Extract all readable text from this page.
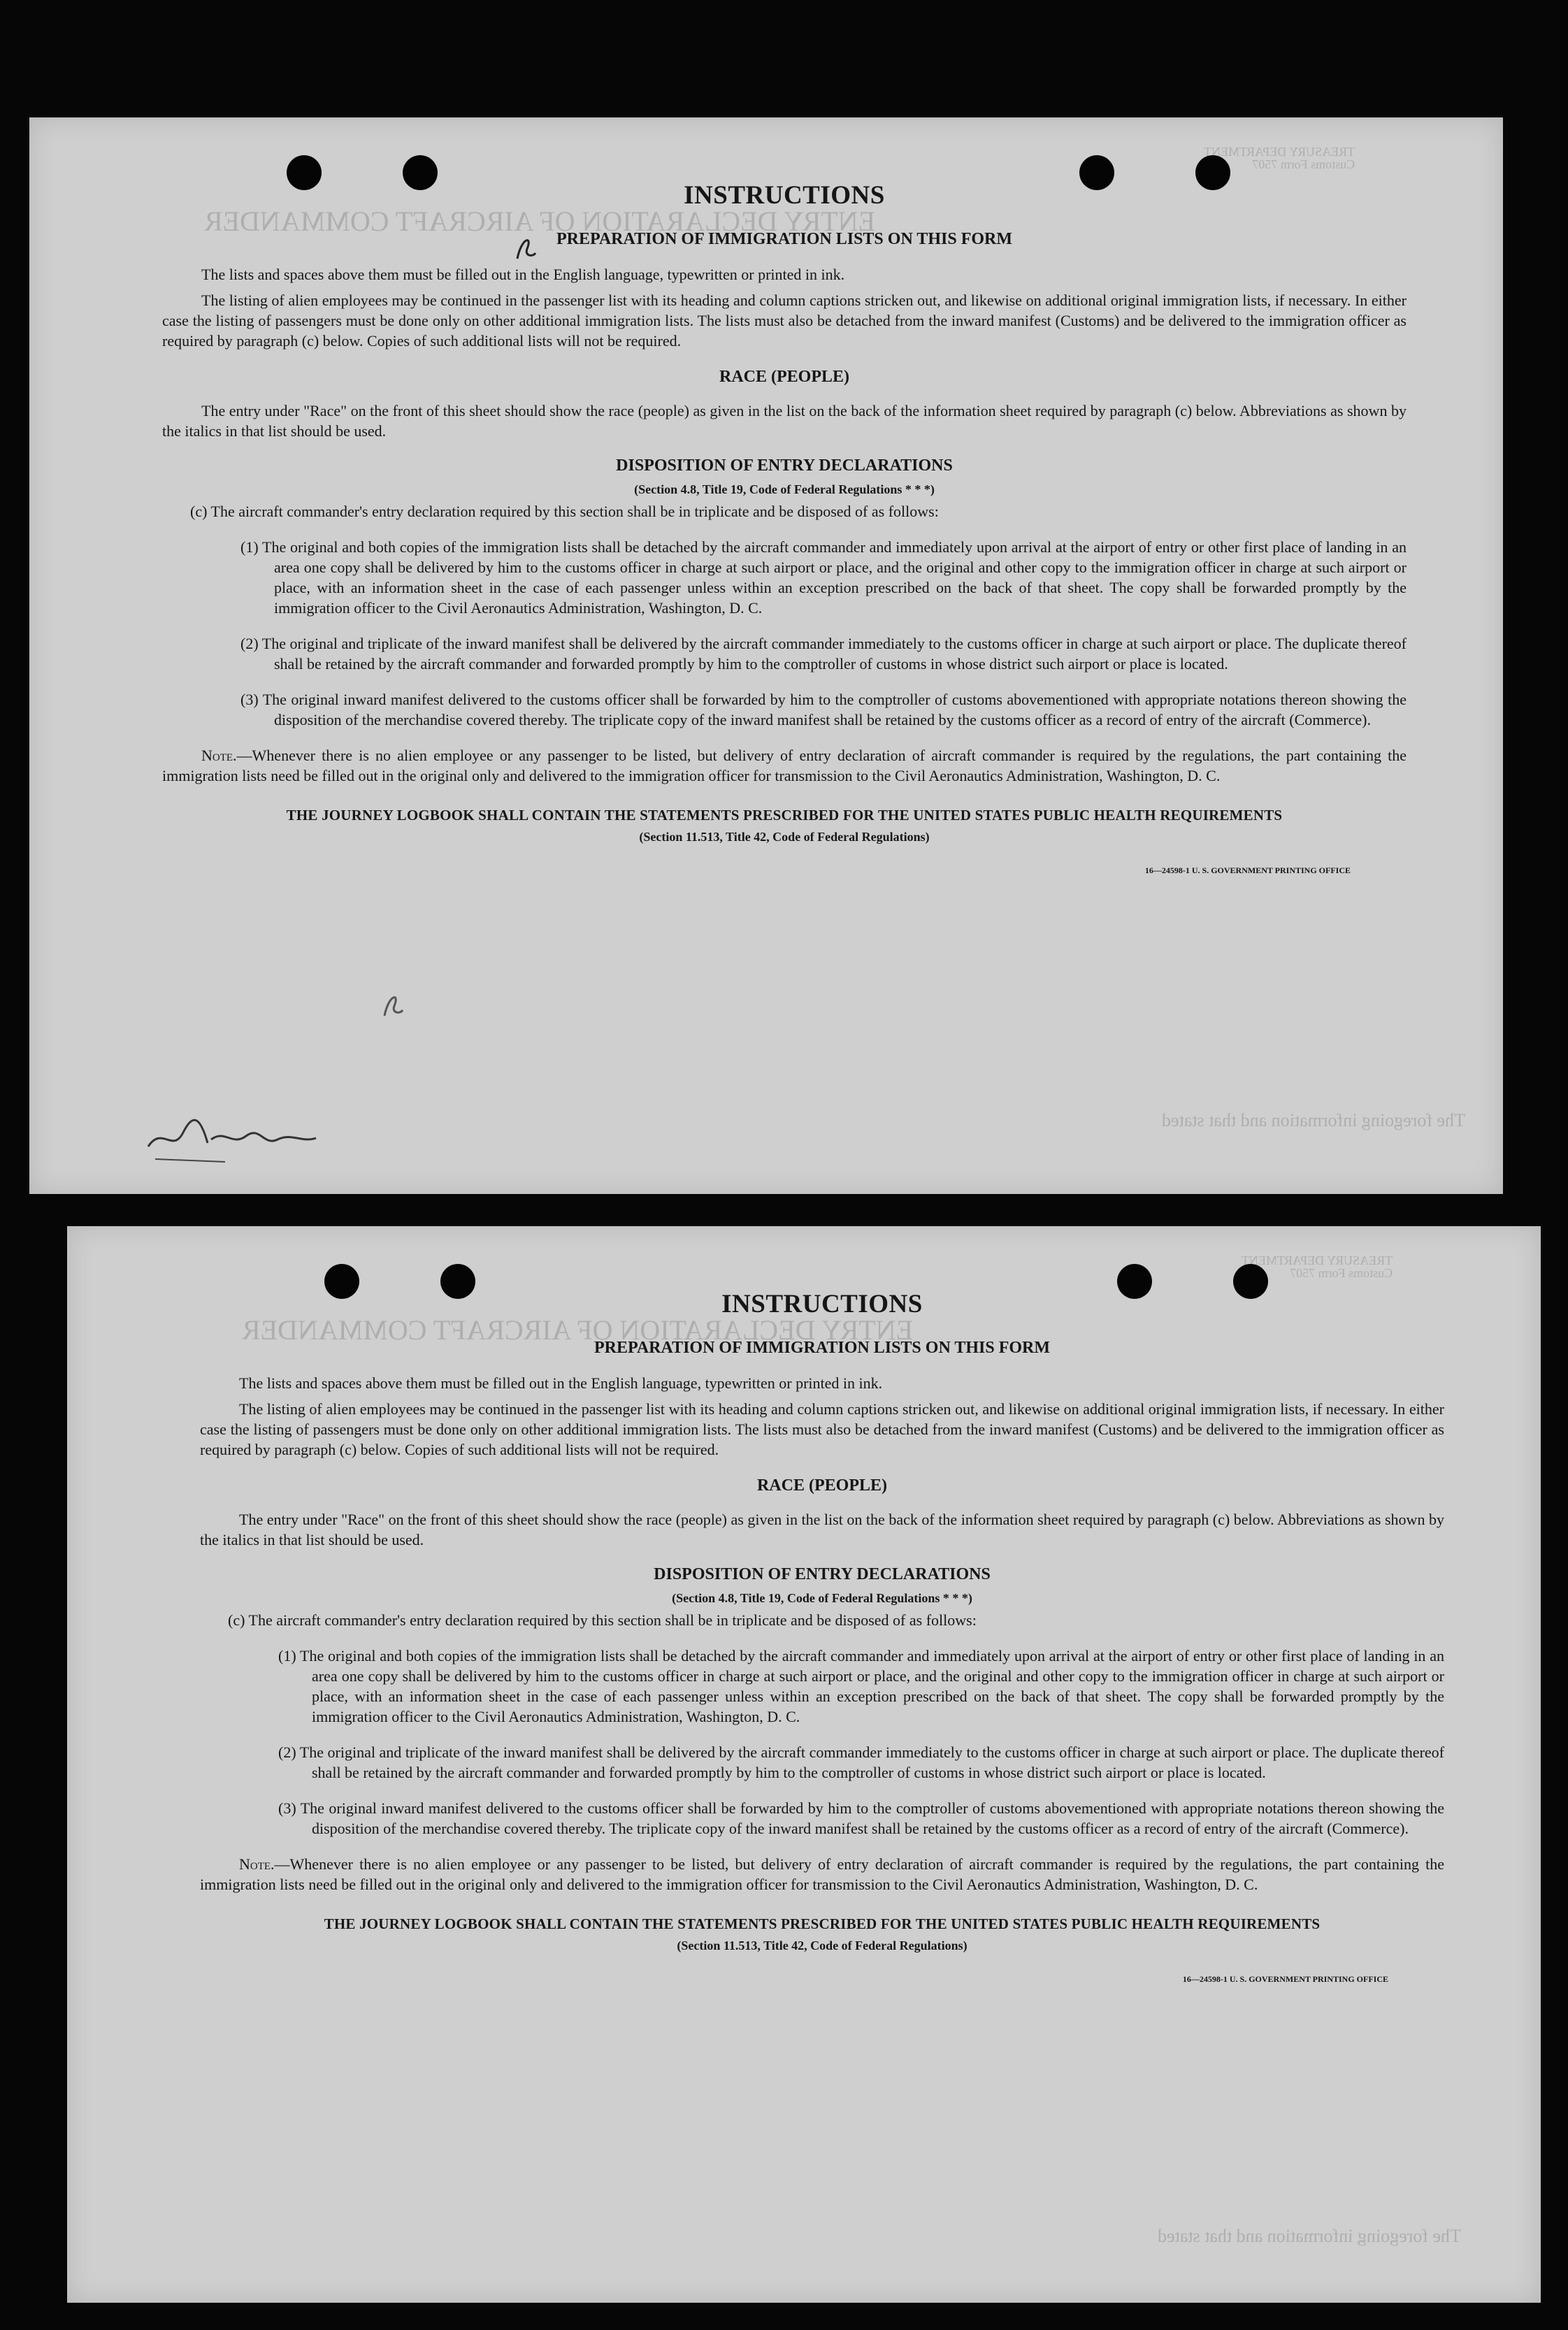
ENTRY DECLARATION OF AIRCRAFT COMMANDER
TREASURY DEPARTMENT
Customs Form 7507
The foregoing information and that stated
INSTRUCTIONS

PREPARATION OF IMMIGRATION LISTS ON THIS FORM

The lists and spaces above them must be filled out in the English language, typewritten or printed in ink.

The listing of alien employees may be continued in the passenger list with its heading and column captions stricken out, and likewise on additional original immigration lists, if necessary. In either case the listing of passengers must be done only on other additional immigration lists. The lists must also be detached from the inward manifest (Customs) and be delivered to the immigration officer as required by paragraph (c) below. Copies of such additional lists will not be required.

RACE (PEOPLE)

The entry under "Race" on the front of this sheet should show the race (people) as given in the list on the back of the information sheet required by paragraph (c) below. Abbreviations as shown by the italics in that list should be used.

DISPOSITION OF ENTRY DECLARATIONS

(Section 4.8, Title 19, Code of Federal Regulations * * *)

(c) The aircraft commander's entry declaration required by this section shall be in triplicate and be disposed of as follows:

(1) The original and both copies of the immigration lists shall be detached by the aircraft commander and immediately upon arrival at the airport of entry or other first place of landing in an area one copy shall be delivered by him to the customs officer in charge at such airport or place, and the original and other copy to the immigration officer in charge at such airport or place, with an information sheet in the case of each passenger unless within an exception prescribed on the back of that sheet. The copy shall be forwarded promptly by the immigration officer to the Civil Aeronautics Administration, Washington, D. C.

(2) The original and triplicate of the inward manifest shall be delivered by the aircraft commander immediately to the customs officer in charge at such airport or place. The duplicate thereof shall be retained by the aircraft commander and forwarded promptly by him to the comptroller of customs in whose district such airport or place is located.

(3) The original inward manifest delivered to the customs officer shall be forwarded by him to the comptroller of customs abovementioned with appropriate notations thereon showing the disposition of the merchandise covered thereby. The triplicate copy of the inward manifest shall be retained by the customs officer as a record of entry of the aircraft (Commerce).

Note.—Whenever there is no alien employee or any passenger to be listed, but delivery of entry declaration of aircraft commander is required by the regulations, the part containing the immigration lists need be filled out in the original only and delivered to the immigration officer for transmission to the Civil Aeronautics Administration, Washington, D. C.

THE JOURNEY LOGBOOK SHALL CONTAIN THE STATEMENTS PRESCRIBED FOR THE UNITED STATES PUBLIC HEALTH REQUIREMENTS

(Section 11.513, Title 42, Code of Federal Regulations)

16—24598-1 U. S. GOVERNMENT PRINTING OFFICE

ENTRY DECLARATION OF AIRCRAFT COMMANDER
TREASURY DEPARTMENT
Customs Form 7507
The foregoing information and that stated
INSTRUCTIONS

PREPARATION OF IMMIGRATION LISTS ON THIS FORM

The lists and spaces above them must be filled out in the English language, typewritten or printed in ink.

The listing of alien employees may be continued in the passenger list with its heading and column captions stricken out, and likewise on additional original immigration lists, if necessary. In either case the listing of passengers must be done only on other additional immigration lists. The lists must also be detached from the inward manifest (Customs) and be delivered to the immigration officer as required by paragraph (c) below. Copies of such additional lists will not be required.

RACE (PEOPLE)

The entry under "Race" on the front of this sheet should show the race (people) as given in the list on the back of the information sheet required by paragraph (c) below. Abbreviations as shown by the italics in that list should be used.

DISPOSITION OF ENTRY DECLARATIONS

(Section 4.8, Title 19, Code of Federal Regulations * * *)

(c) The aircraft commander's entry declaration required by this section shall be in triplicate and be disposed of as follows:

(1) The original and both copies of the immigration lists shall be detached by the aircraft commander and immediately upon arrival at the airport of entry or other first place of landing in an area one copy shall be delivered by him to the customs officer in charge at such airport or place, and the original and other copy to the immigration officer in charge at such airport or place, with an information sheet in the case of each passenger unless within an exception prescribed on the back of that sheet. The copy shall be forwarded promptly by the immigration officer to the Civil Aeronautics Administration, Washington, D. C.

(2) The original and triplicate of the inward manifest shall be delivered by the aircraft commander immediately to the customs officer in charge at such airport or place. The duplicate thereof shall be retained by the aircraft commander and forwarded promptly by him to the comptroller of customs in whose district such airport or place is located.

(3) The original inward manifest delivered to the customs officer shall be forwarded by him to the comptroller of customs abovementioned with appropriate notations thereon showing the disposition of the merchandise covered thereby. The triplicate copy of the inward manifest shall be retained by the customs officer as a record of entry of the aircraft (Commerce).

Note.—Whenever there is no alien employee or any passenger to be listed, but delivery of entry declaration of aircraft commander is required by the regulations, the part containing the immigration lists need be filled out in the original only and delivered to the immigration officer for transmission to the Civil Aeronautics Administration, Washington, D. C.

THE JOURNEY LOGBOOK SHALL CONTAIN THE STATEMENTS PRESCRIBED FOR THE UNITED STATES PUBLIC HEALTH REQUIREMENTS

(Section 11.513, Title 42, Code of Federal Regulations)

16—24598-1 U. S. GOVERNMENT PRINTING OFFICE
